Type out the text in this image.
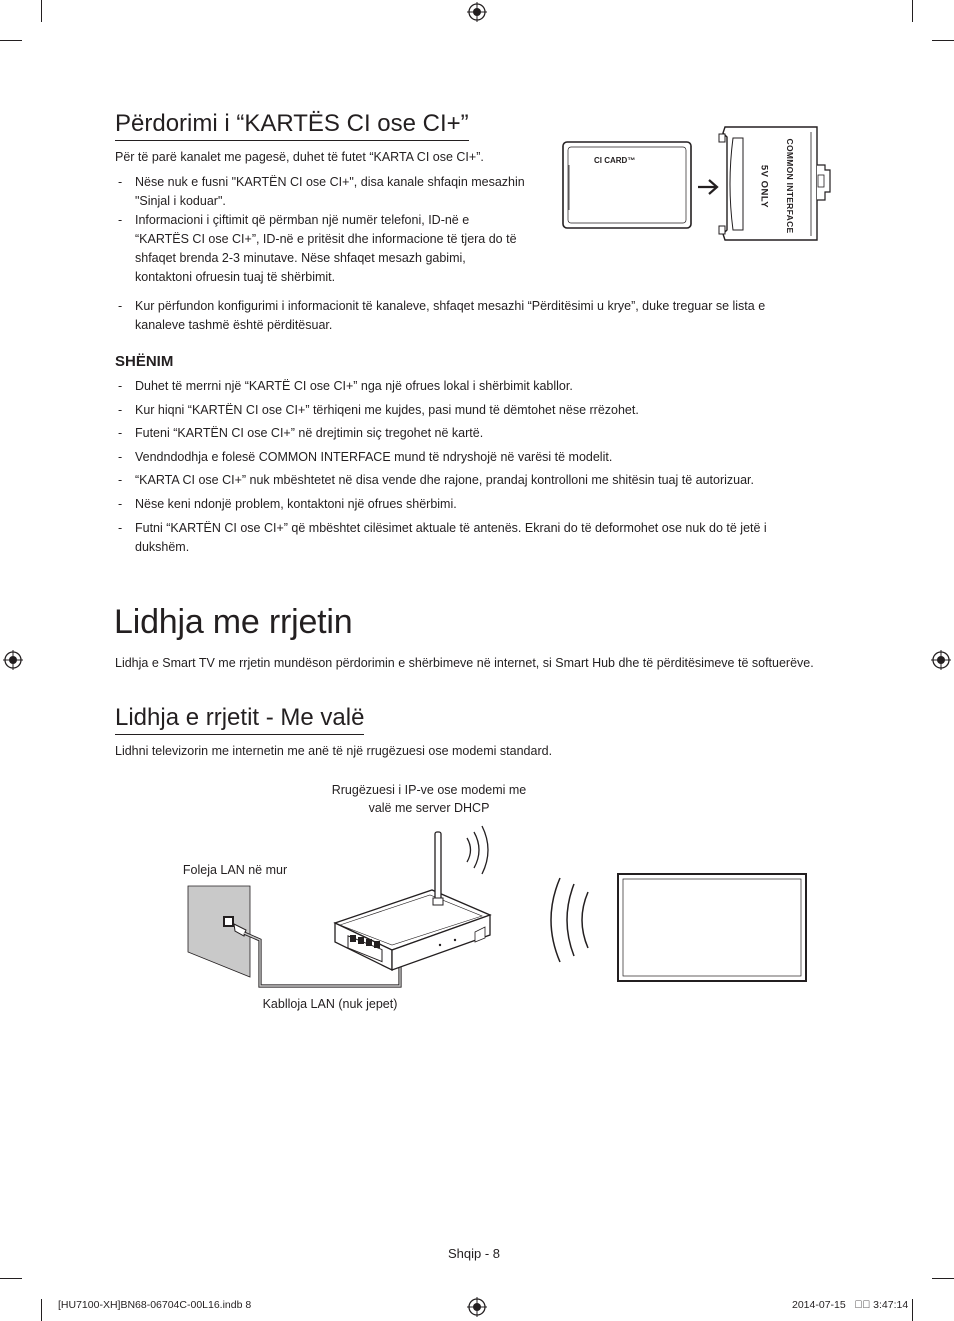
Përdorimi i “KARTËS CI ose CI+”

Për të parë kanalet me pagesë, duhet të futet “KARTA CI ose CI+”.

- Nëse nuk e fusni "KARTËN CI ose CI+", disa kanale shfaqin mesazhin "Sinjal i koduar".
- Informacioni i çiftimit që përmban një numër telefoni, ID-në e “KARTËS CI ose CI+”, ID-në e pritësit dhe informacione të tjera do të shfaqet brenda 2-3 minutave. Nëse shfaqet mesazh gabimi, kontaktoni ofruesin tuaj të shërbimit.
- Kur përfundon konfigurimi i informacionit të kanaleve, shfaqet mesazhi “Përditësimi u krye”, duke treguar se lista e kanaleve tashmë është përditësuar.
CI CARD™	COMMON INTERFACE
5V ONLY
SHËNIM
- Duhet të merrni një “KARTË CI ose CI+” nga një ofrues lokal i shërbimit kabllor.
- Kur hiqni “KARTËN CI ose CI+” tërhiqeni me kujdes, pasi mund të dëmtohet nëse rrëzohet.
- Futeni “KARTËN CI ose CI+” në drejtimin siç tregohet në kartë.
- Vendndodhja e folesë COMMON INTERFACE mund të ndryshojë në varësi të modelit.
- “KARTA CI ose CI+” nuk mbështetet në disa vende dhe rajone, prandaj kontrolloni me shitësin tuaj të autorizuar.
- Nëse keni ndonjë problem, kontaktoni një ofrues shërbimi.
- Futni “KARTËN CI ose CI+” që mbështet cilësimet aktuale të antenës. Ekrani do të deformohet ose nuk do të jetë i dukshëm.
Lidhja me rrjetin

Lidhja e Smart TV me rrjetin mundëson përdorimin e shërbimeve në internet, si Smart Hub dhe të përditësimeve të softuerëve.

Lidhja e rrjetit - Me valë

Lidhni televizorin me internetin me anë të një rrugëzuesi ose modemi standard.

Rrugëzuesi i IP-ve ose modemi me
valë me server DHCP
Foleja LAN në mur
Kablloja LAN (nuk jepet)
Shqip - 8
[HU7100-XH]BN68-06704C-00L16.indb 8	2014-07-15      3:47:14
